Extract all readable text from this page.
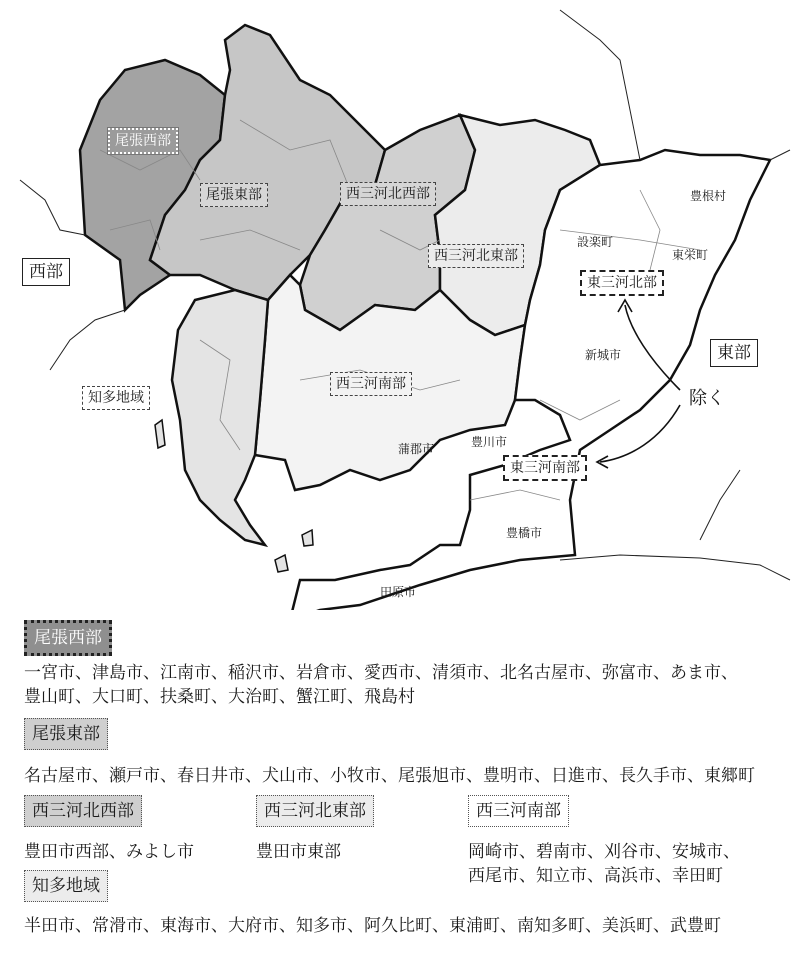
尾張西部
尾張東部	西三河北西部
西三河北東部
西三河南部
知多地域
東三河北部
東三河南部
西部
東部
除く
設楽町
豊根村
東栄町
新城市
蒲郡市	豊川市
豊橋市
田原市
尾張西部
一宮市、津島市、江南市、稲沢市、岩倉市、愛西市、清須市、北名古屋市、弥富市、あま市、
豊山町、大口町、扶桑町、大治町、蟹江町、飛島村
尾張東部
名古屋市、瀬戸市、春日井市、犬山市、小牧市、尾張旭市、豊明市、日進市、長久手市、東郷町
西三河北西部
豊田市西部、みよし市
西三河北東部
豊田市東部
西三河南部
岡崎市、碧南市、刈谷市、安城市、
西尾市、知立市、高浜市、幸田町
知多地域
半田市、常滑市、東海市、大府市、知多市、阿久比町、東浦町、南知多町、美浜町、武豊町
